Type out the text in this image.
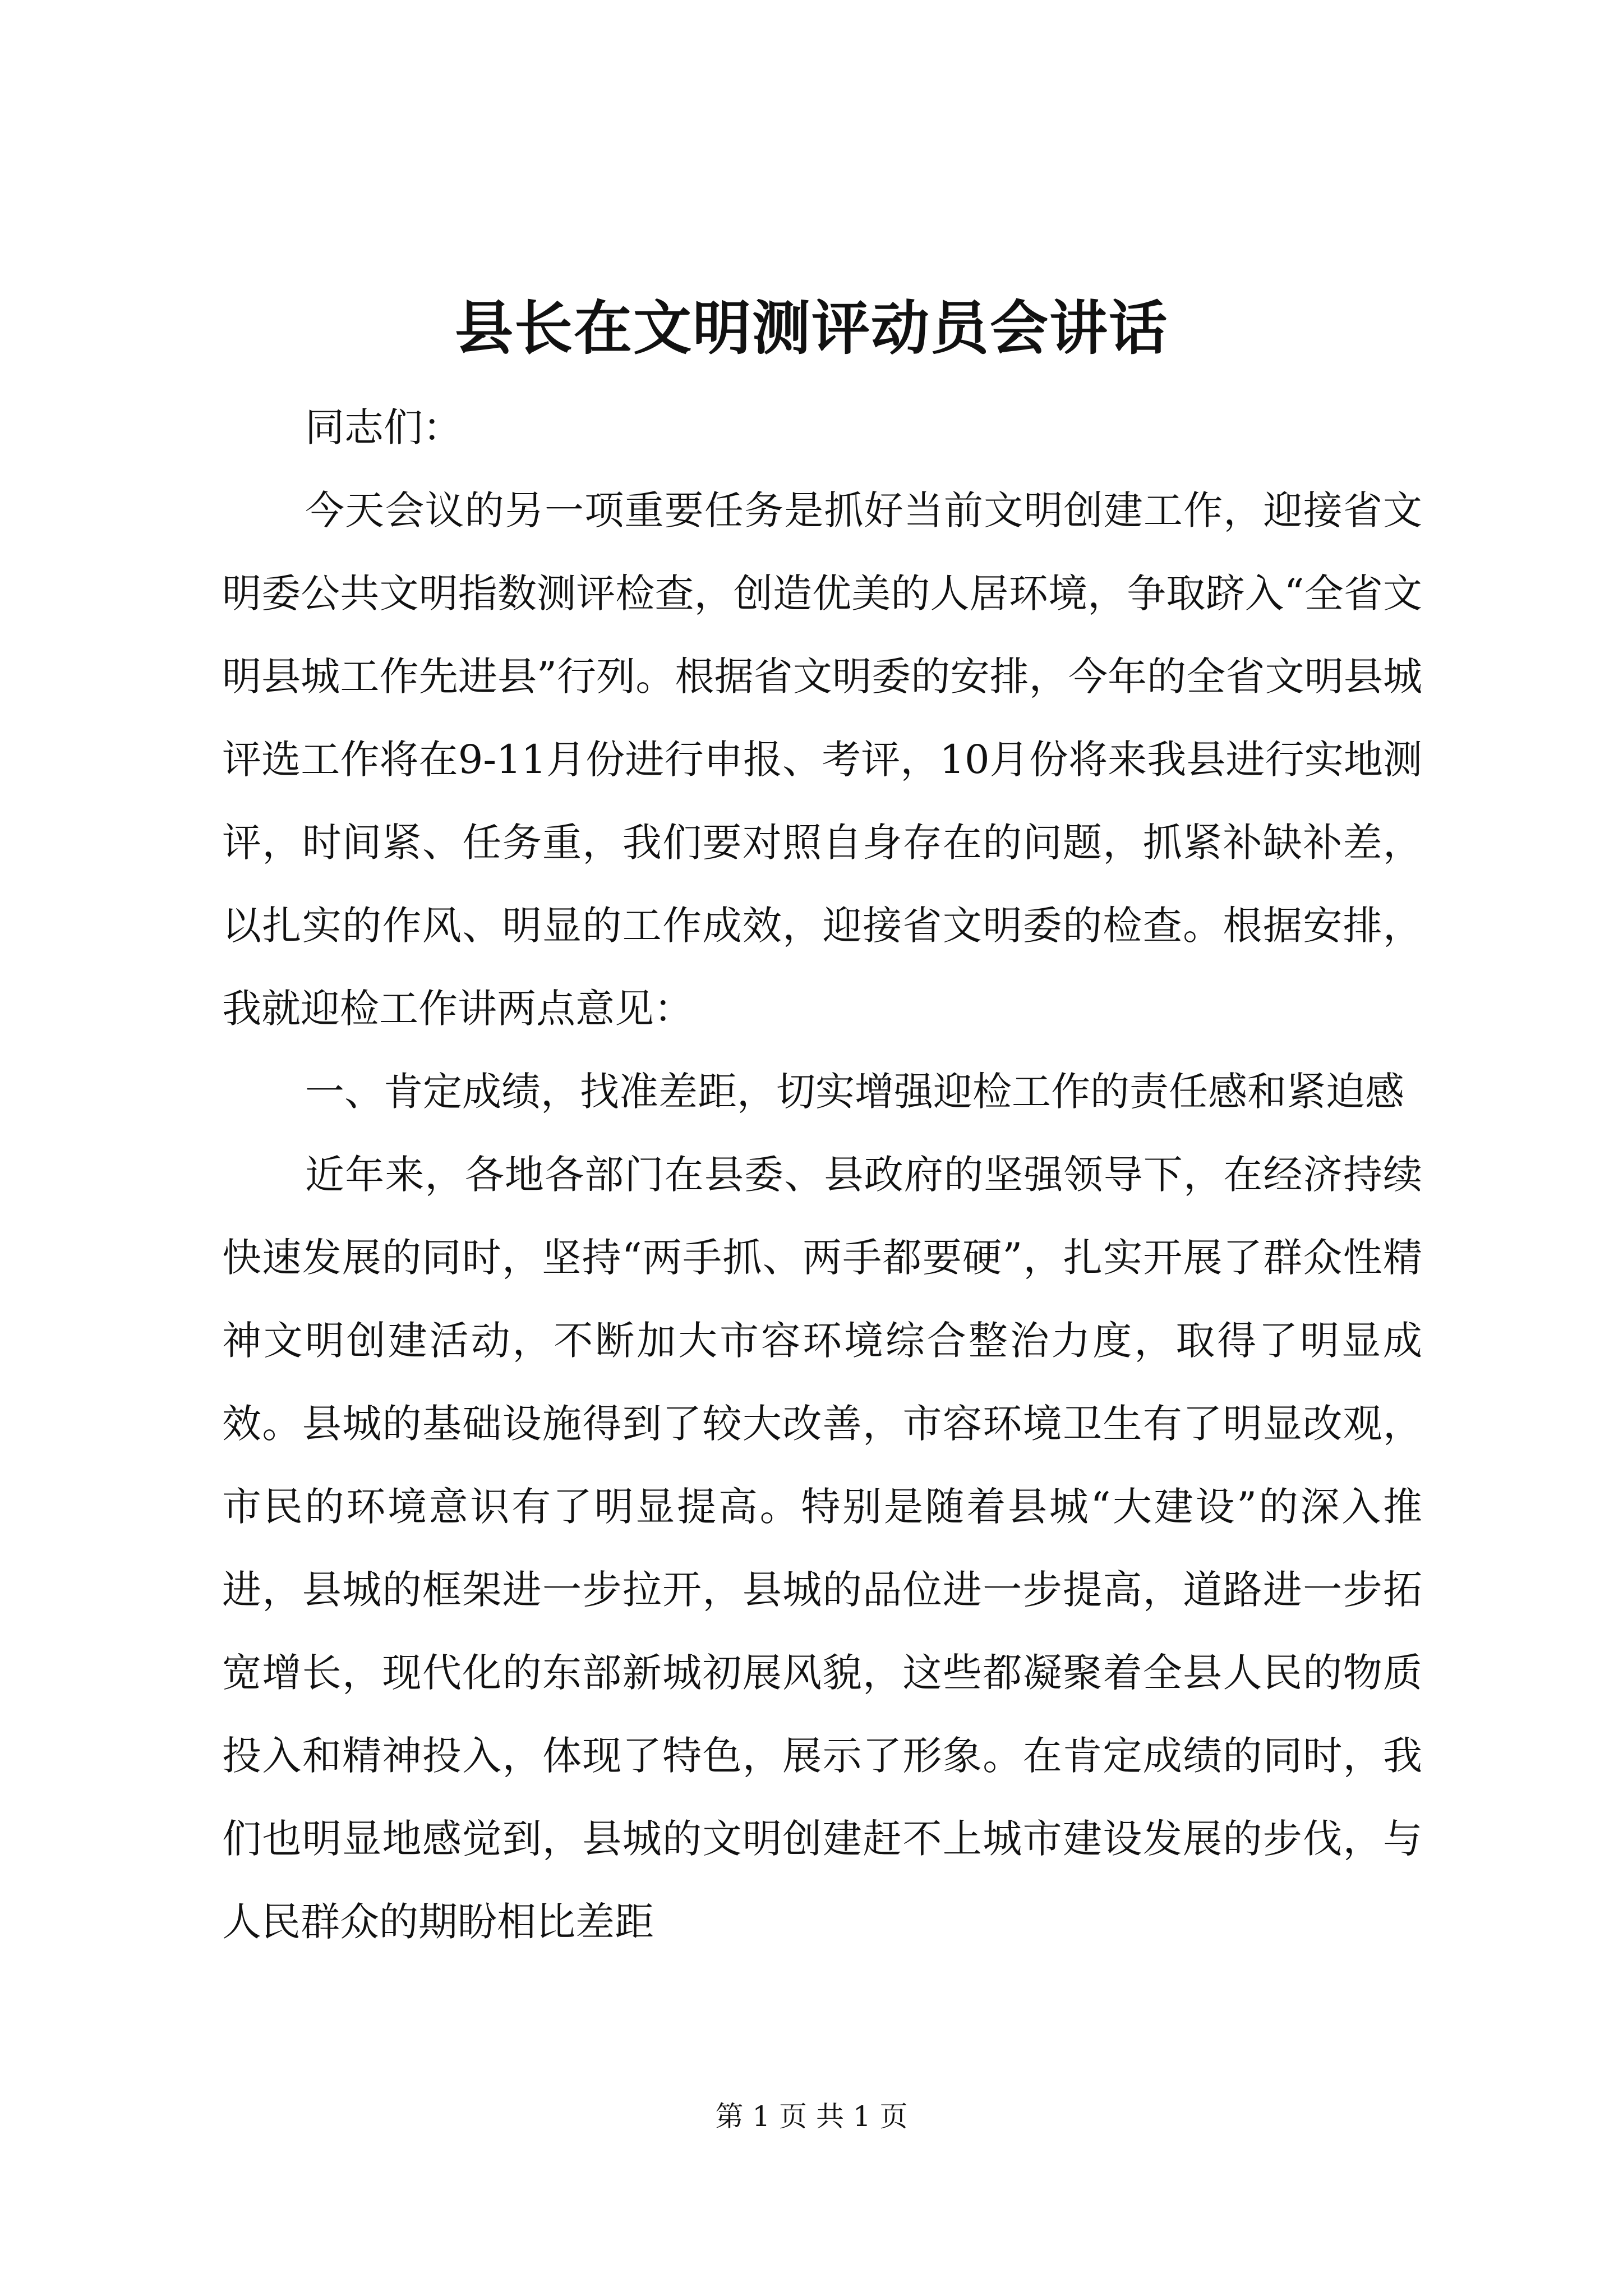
县长在文明测评动员会讲话

同志们：

今天会议的另一项重要任务是抓好当前文明创建工作，迎接省文明委公共文明指数测评检查，创造优美的人居环境，争取跻入“全省文明县城工作先进县”行列。根据省文明委的安排，今年的全省文明县城评选工作将在9-11月份进行申报、考评，10月份将来我县进行实地测评，时间紧、任务重，我们要对照自身存在的问题，抓紧补缺补差，以扎实的作风、明显的工作成效，迎接省文明委的检查。根据安排，我就迎检工作讲两点意见：

一、肯定成绩，找准差距，切实增强迎检工作的责任感和紧迫感

近年来，各地各部门在县委、县政府的坚强领导下，在经济持续快速发展的同时，坚持“两手抓、两手都要硬”，扎实开展了群众性精神文明创建活动，不断加大市容环境综合整治力度，取得了明显成效。县城的基础设施得到了较大改善，市容环境卫生有了明显改观，市民的环境意识有了明显提高。特别是随着县城“大建设”的深入推进，县城的框架进一步拉开，县城的品位进一步提高，道路进一步拓宽增长，现代化的东部新城初展风貌，这些都凝聚着全县人民的物质投入和精神投入，体现了特色，展示了形象。在肯定成绩的同时，我们也明显地感觉到，县城的文明创建赶不上城市建设发展的步伐，与人民群众的期盼相比差距

第 1 页 共 1 页
